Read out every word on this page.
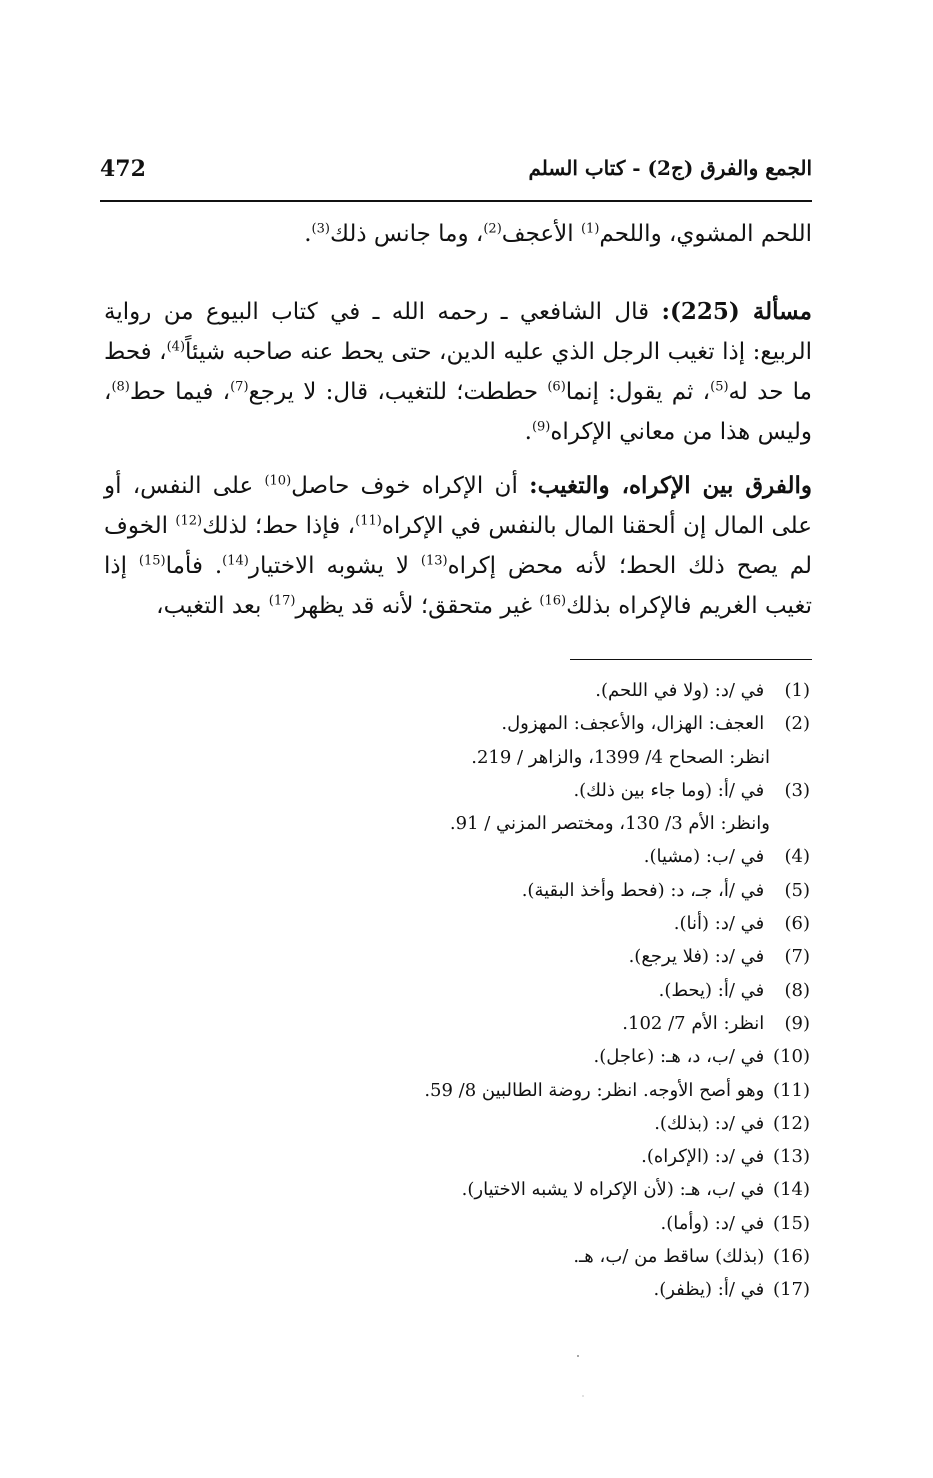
472	الجمع والفرق (ج2) - كتاب السلم
اللحم المشوي، واللحم$^{(1)}$ الأعجف$^{(2)}$، وما جانس ذلك$^{(3)}$.
مسألة (225): قال الشافعي ـ رحمه الله ـ في كتاب البيوع من رواية الربيع: إذا تغيب الرجل الذي عليه الدين، حتى يحط عنه صاحبه شيئاً$^{(4)}$، فحط ما حد له$^{(5)}$، ثم يقول: إنما$^{(6)}$ حططت؛ للتغيب، قال: لا يرجع$^{(7)}$، فيما حط$^{(8)}$، وليس هذا من معاني الإكراه$^{(9)}$.
والفرق بين الإكراه، والتغيب: أن الإكراه خوف حاصل$^{(10)}$ على النفس، أو على المال إن ألحقنا المال بالنفس في الإكراه$^{(11)}$، فإذا حط؛ لذلك$^{(12)}$ الخوف لم يصح ذلك الحط؛ لأنه محض إكراه$^{(13)}$ لا يشوبه الاختيار$^{(14)}$. فأما$^{(15)}$ إذا تغيب الغريم فالإكراه بذلك$^{(16)}$ غير متحقق؛ لأنه قد يظهر$^{(17)}$ بعد التغيب،
(1) في /د: (ولا في اللحم).
(2) العجف: الهزال، والأعجف: المهزول.
انظر: الصحاح 4/ 1399، والزاهر / 219.
(3) في /أ: (وما جاء بين ذلك).
وانظر: الأم 3/ 130، ومختصر المزني / 91.
(4) في /ب: (مشيا).
(5) في /أ، جـ، د: (فحط وأخذ البقية).
(6) في /د: (أنا).
(7) في /د: (فلا يرجع).
(8) في /أ: (يحط).
(9) انظر: الأم 7/ 102.
(10) في /ب، د، هـ: (عاجل).
(11) وهو أصح الأوجه. انظر: روضة الطالبين 8/ 59.
(12) في /د: (بذلك).
(13) في /د: (الإكراه).
(14) في /ب، هـ: (لأن الإكراه لا يشبه الاختيار).
(15) في /د: (وأما).
(16) (بذلك) ساقط من /ب، هـ.
(17) في /أ: (يظفر).
